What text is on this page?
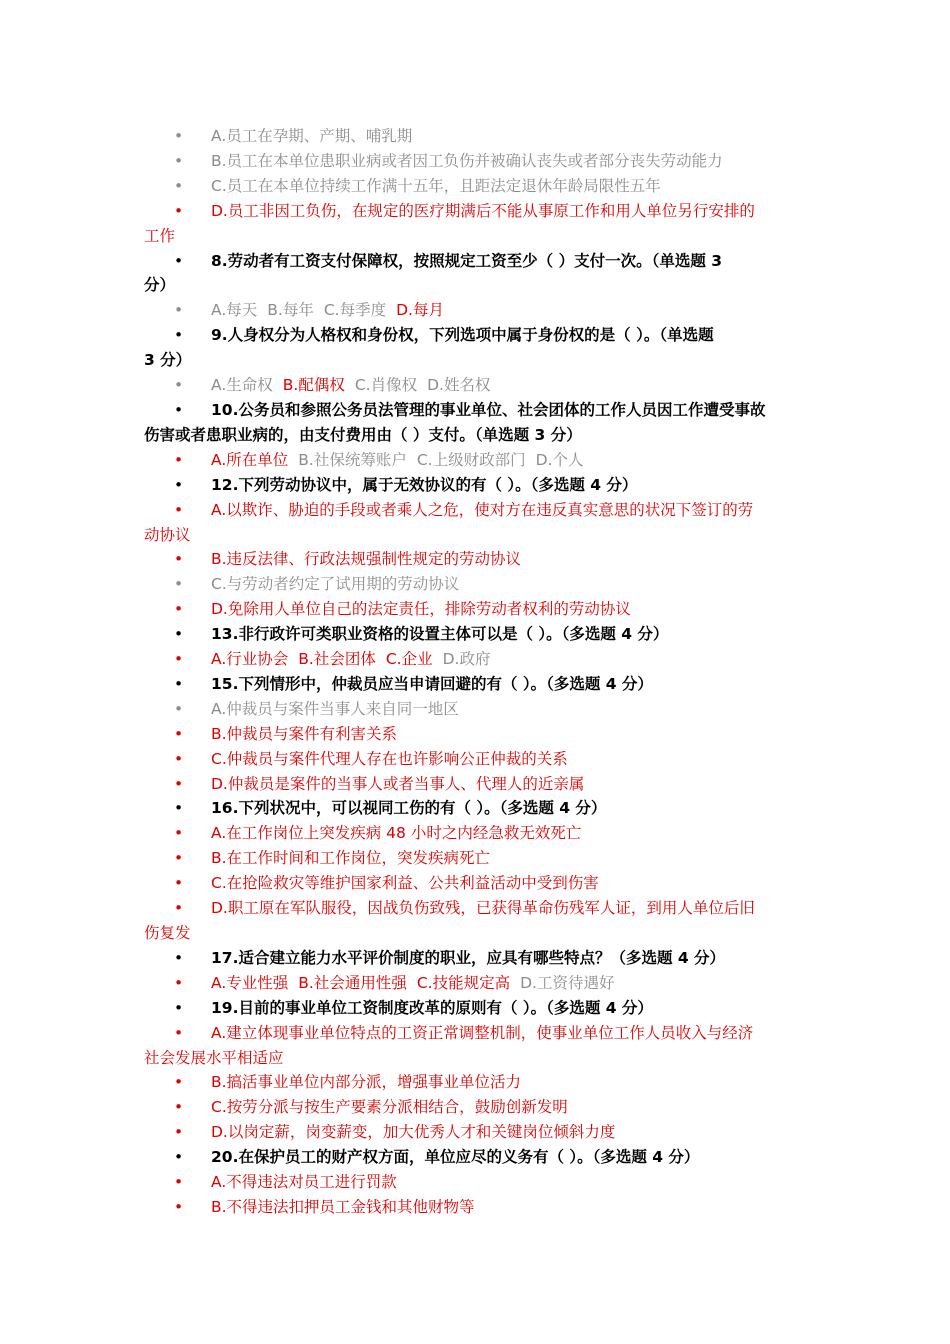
• A.员工在孕期、产期、哺乳期
• B.员工在本单位患职业病或者因工负伤并被确认丧失或者部分丧失劳动能力
• C.员工在本单位持续工作满十五年，且距法定退休年龄局限性五年
• D.员工非因工负伤，在规定的医疗期满后不能从事原工作和用人单位另行安排的
工作
• 8.劳动者有工资支付保障权，按照规定工资至少（ ）支付一次。（单选题 3
分）
• A.每天 B.每年 C.每季度 D.每月
• 9.人身权分为人格权和身份权，下列选项中属于身份权的是（ ）。（单选题
3 分）
• A.生命权 B.配偶权 C.肖像权 D.姓名权
• 10.公务员和参照公务员法管理的事业单位、社会团体的工作人员因工作遭受事故
伤害或者患职业病的，由支付费用由（ ）支付。（单选题 3 分）
• A.所在单位 B.社保统筹账户 C.上级财政部门 D.个人
• 12.下列劳动协议中，属于无效协议的有（ ）。（多选题 4 分）
• A.以欺诈、胁迫的手段或者乘人之危，使对方在违反真实意思的状况下签订的劳
动协议
• B.违反法律、行政法规强制性规定的劳动协议
• C.与劳动者约定了试用期的劳动协议
• D.免除用人单位自己的法定责任，排除劳动者权利的劳动协议
• 13.非行政许可类职业资格的设置主体可以是（ ）。（多选题 4 分）
• A.行业协会 B.社会团体 C.企业 D.政府
• 15.下列情形中，仲裁员应当申请回避的有（ ）。（多选题 4 分）
• A.仲裁员与案件当事人来自同一地区
• B.仲裁员与案件有利害关系
• C.仲裁员与案件代理人存在也许影响公正仲裁的关系
• D.仲裁员是案件的当事人或者当事人、代理人的近亲属
• 16.下列状况中，可以视同工伤的有（ ）。（多选题 4 分）
• A.在工作岗位上突发疾病 48 小时之内经急救无效死亡
• B.在工作时间和工作岗位，突发疾病死亡
• C.在抢险救灾等维护国家利益、公共利益活动中受到伤害
• D.职工原在军队服役，因战负伤致残，已获得革命伤残军人证，到用人单位后旧
伤复发
• 17.适合建立能力水平评价制度的职业，应具有哪些特点？（多选题 4 分）
• A.专业性强 B.社会通用性强 C.技能规定高 D.工资待遇好
• 19.目前的事业单位工资制度改革的原则有（ ）。（多选题 4 分）
• A.建立体现事业单位特点的工资正常调整机制，使事业单位工作人员收入与经济
社会发展水平相适应
• B.搞活事业单位内部分派，增强事业单位活力
• C.按劳分派与按生产要素分派相结合，鼓励创新发明
• D.以岗定薪，岗变薪变，加大优秀人才和关键岗位倾斜力度
• 20.在保护员工的财产权方面，单位应尽的义务有（ ）。（多选题 4 分）
• A.不得违法对员工进行罚款
• B.不得违法扣押员工金钱和其他财物等
